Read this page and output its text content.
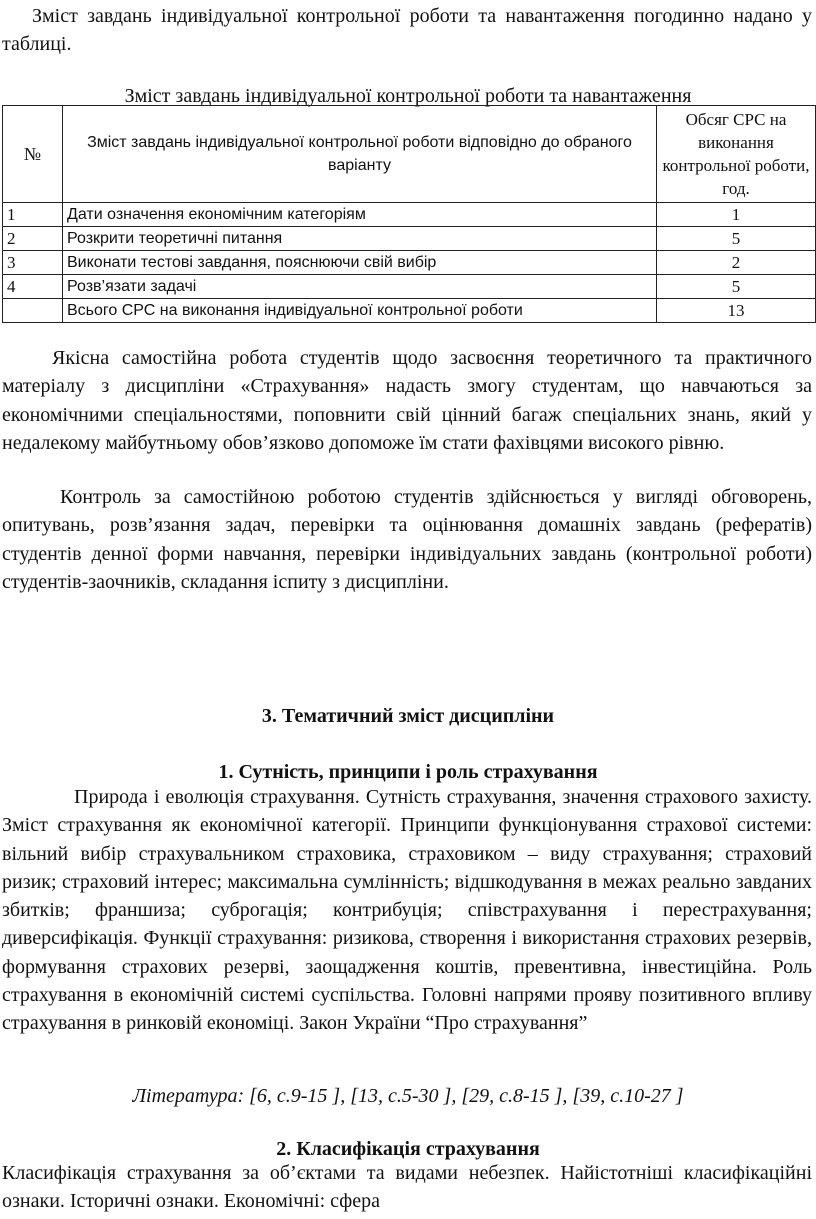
Зміст завдань індивідуальної контрольної роботи та навантаження погодинно надано у таблиці.

Зміст завдань індивідуальної контрольної роботи та навантаження

№	Зміст завдань індивідуальної контрольної роботи відповідно до обраного варіанту	Обсяг СРС на виконання контрольної роботи, год.
1	Дати означення економічним категоріям	1
2	Розкрити теоретичні питання	5
3	Виконати тестові завдання, пояснюючи свій вибір	2
4	Розв’язати задачі	5
	Всього СРС на виконання індивідуальної контрольної роботи	13

Якісна самостійна робота студентів щодо засвоєння теоретичного та практичного матеріалу з дисципліни «Страхування» надасть змогу студентам, що навчаються за економічними спеціальностями, поповнити свій цінний багаж спеціальних знань, який у недалекому майбутньому обов’язково допоможе їм стати фахівцями високого рівню.

Контроль за самостійною роботою студентів здійснюється у вигляді обговорень, опитувань, розв’язання задач, перевірки та оцінювання домашніх завдань (рефератів) студентів денної форми навчання, перевірки індивідуальних завдань (контрольної роботи) студентів-заочників, складання іспиту з дисципліни.

3. Тематичний зміст дисципліни

1. Сутність, принципи і роль страхування

Природа і еволюція страхування. Сутність страхування, значення страхового захисту. Зміст страхування як економічної категорії. Принципи функціонування страхової системи: вільний вибір страхувальником страховика, страховиком – виду страхування; страховий ризик; страховий інтерес; максимальна сумлінність; відшкодування в межах реально завданих збитків; франшиза; суброгація; контрибуція; співстрахування і перестрахування; диверсифікація. Функції страхування: ризикова, створення і використання страхових резервів, формування страхових резерві, заощадження коштів, превентивна, інвестиційна. Роль страхування в економічній системі суспільства. Головні напрями прояву позитивного впливу страхування в ринковій економіці. Закон України “Про страхування”

Література: [6, с.9-15 ], [13, с.5-30 ], [29, с.8-15 ], [39, с.10-27 ]

2. Класифікація страхування

Класифікація страхування за об’єктами та видами небезпек. Найістотніші класифікаційні ознаки. Історичні ознаки. Економічні: сфера
